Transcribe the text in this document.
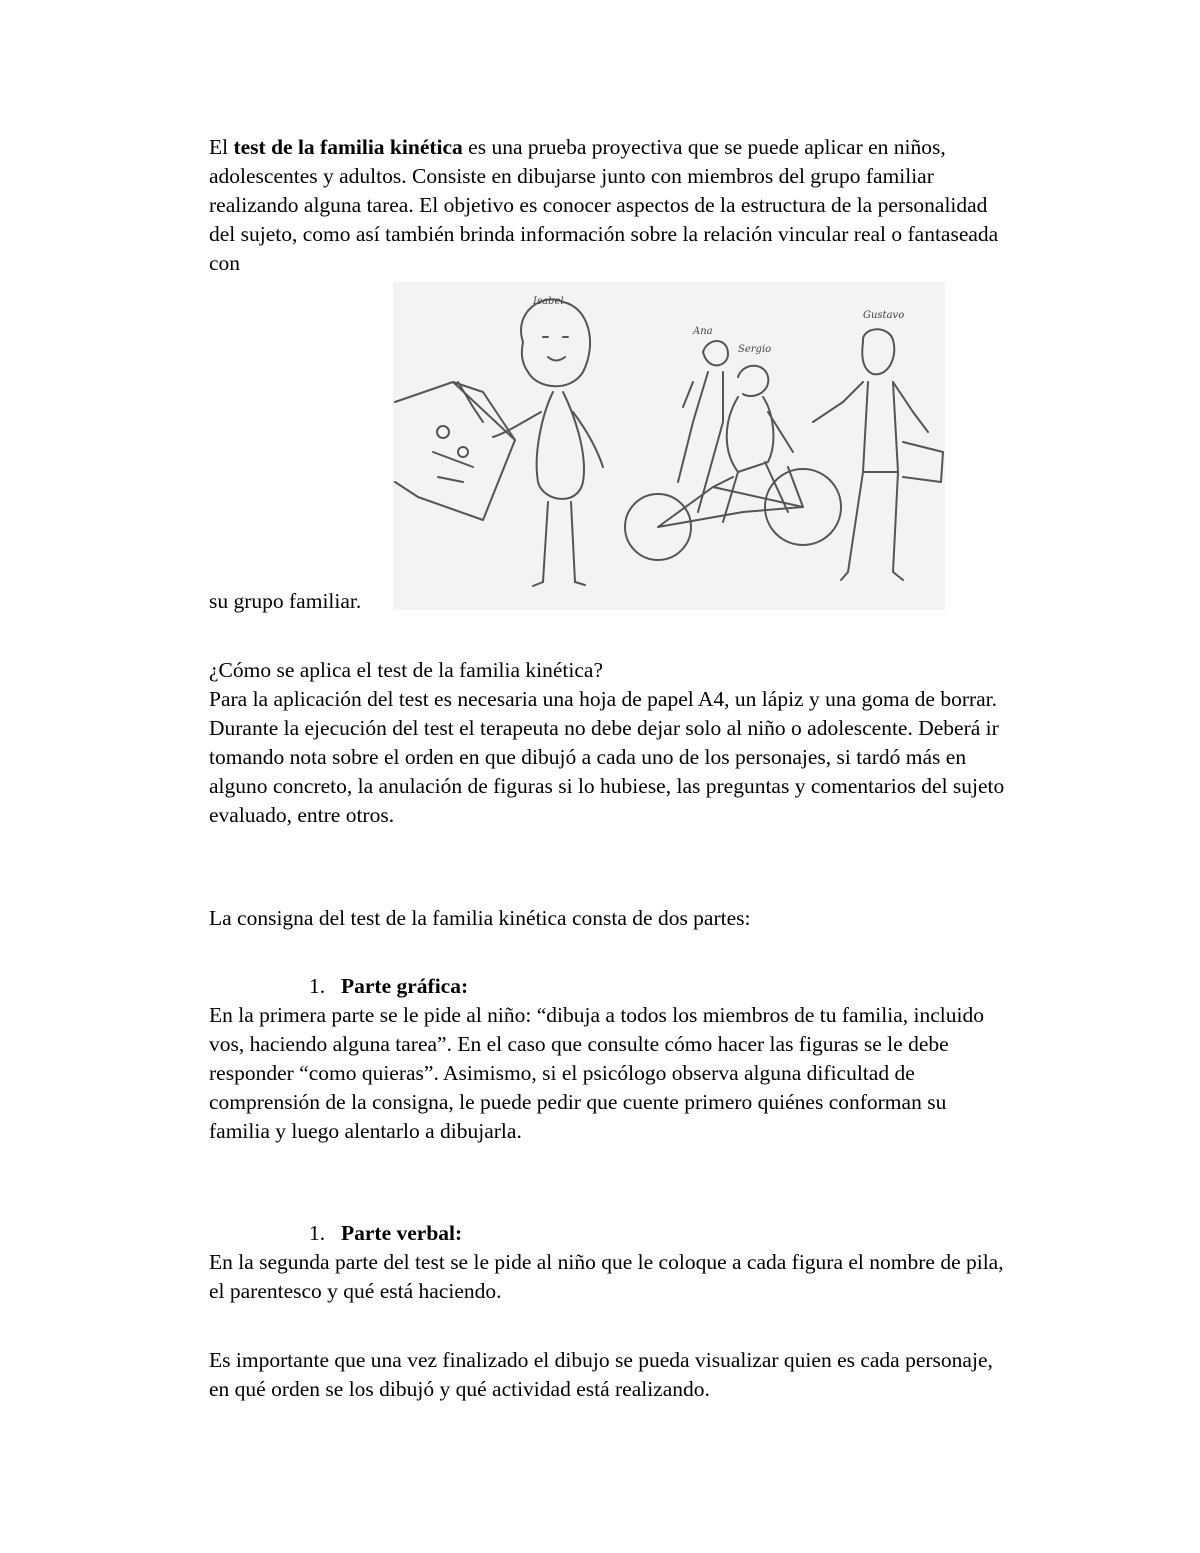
El test de la familia kinética es una prueba proyectiva que se puede aplicar en niños, adolescentes y adultos. Consiste en dibujarse junto con miembros del grupo familiar realizando alguna tarea. El objetivo es conocer aspectos de la estructura de la personalidad del sujeto, como así también brinda información sobre la relación vincular real o fantaseada con

Isabel
Ana
Sergio
Gustavo

su grupo familiar.

¿Cómo se aplica el test de la familia kinética?

Para la aplicación del test es necesaria una hoja de papel A4, un lápiz y una goma de borrar. Durante la ejecución del test el terapeuta no debe dejar solo al niño o adolescente. Deberá ir tomando nota sobre el orden en que dibujó a cada uno de los personajes, si tardó más en alguno concreto, la anulación de figuras si lo hubiese, las preguntas y comentarios del sujeto evaluado, entre otros.

La consigna del test de la familia kinética consta de dos partes:

1. Parte gráfica:

En la primera parte se le pide al niño: “dibuja a todos los miembros de tu familia, incluido vos, haciendo alguna tarea”. En el caso que consulte cómo hacer las figuras se le debe responder “como quieras”. Asimismo, si el psicólogo observa alguna dificultad de comprensión de la consigna, le puede pedir que cuente primero quiénes conforman su familia y luego alentarlo a dibujarla.

1. Parte verbal:

En la segunda parte del test se le pide al niño que le coloque a cada figura el nombre de pila, el parentesco y qué está haciendo.

Es importante que una vez finalizado el dibujo se pueda visualizar quien es cada personaje, en qué orden se los dibujó y qué actividad está realizando.
